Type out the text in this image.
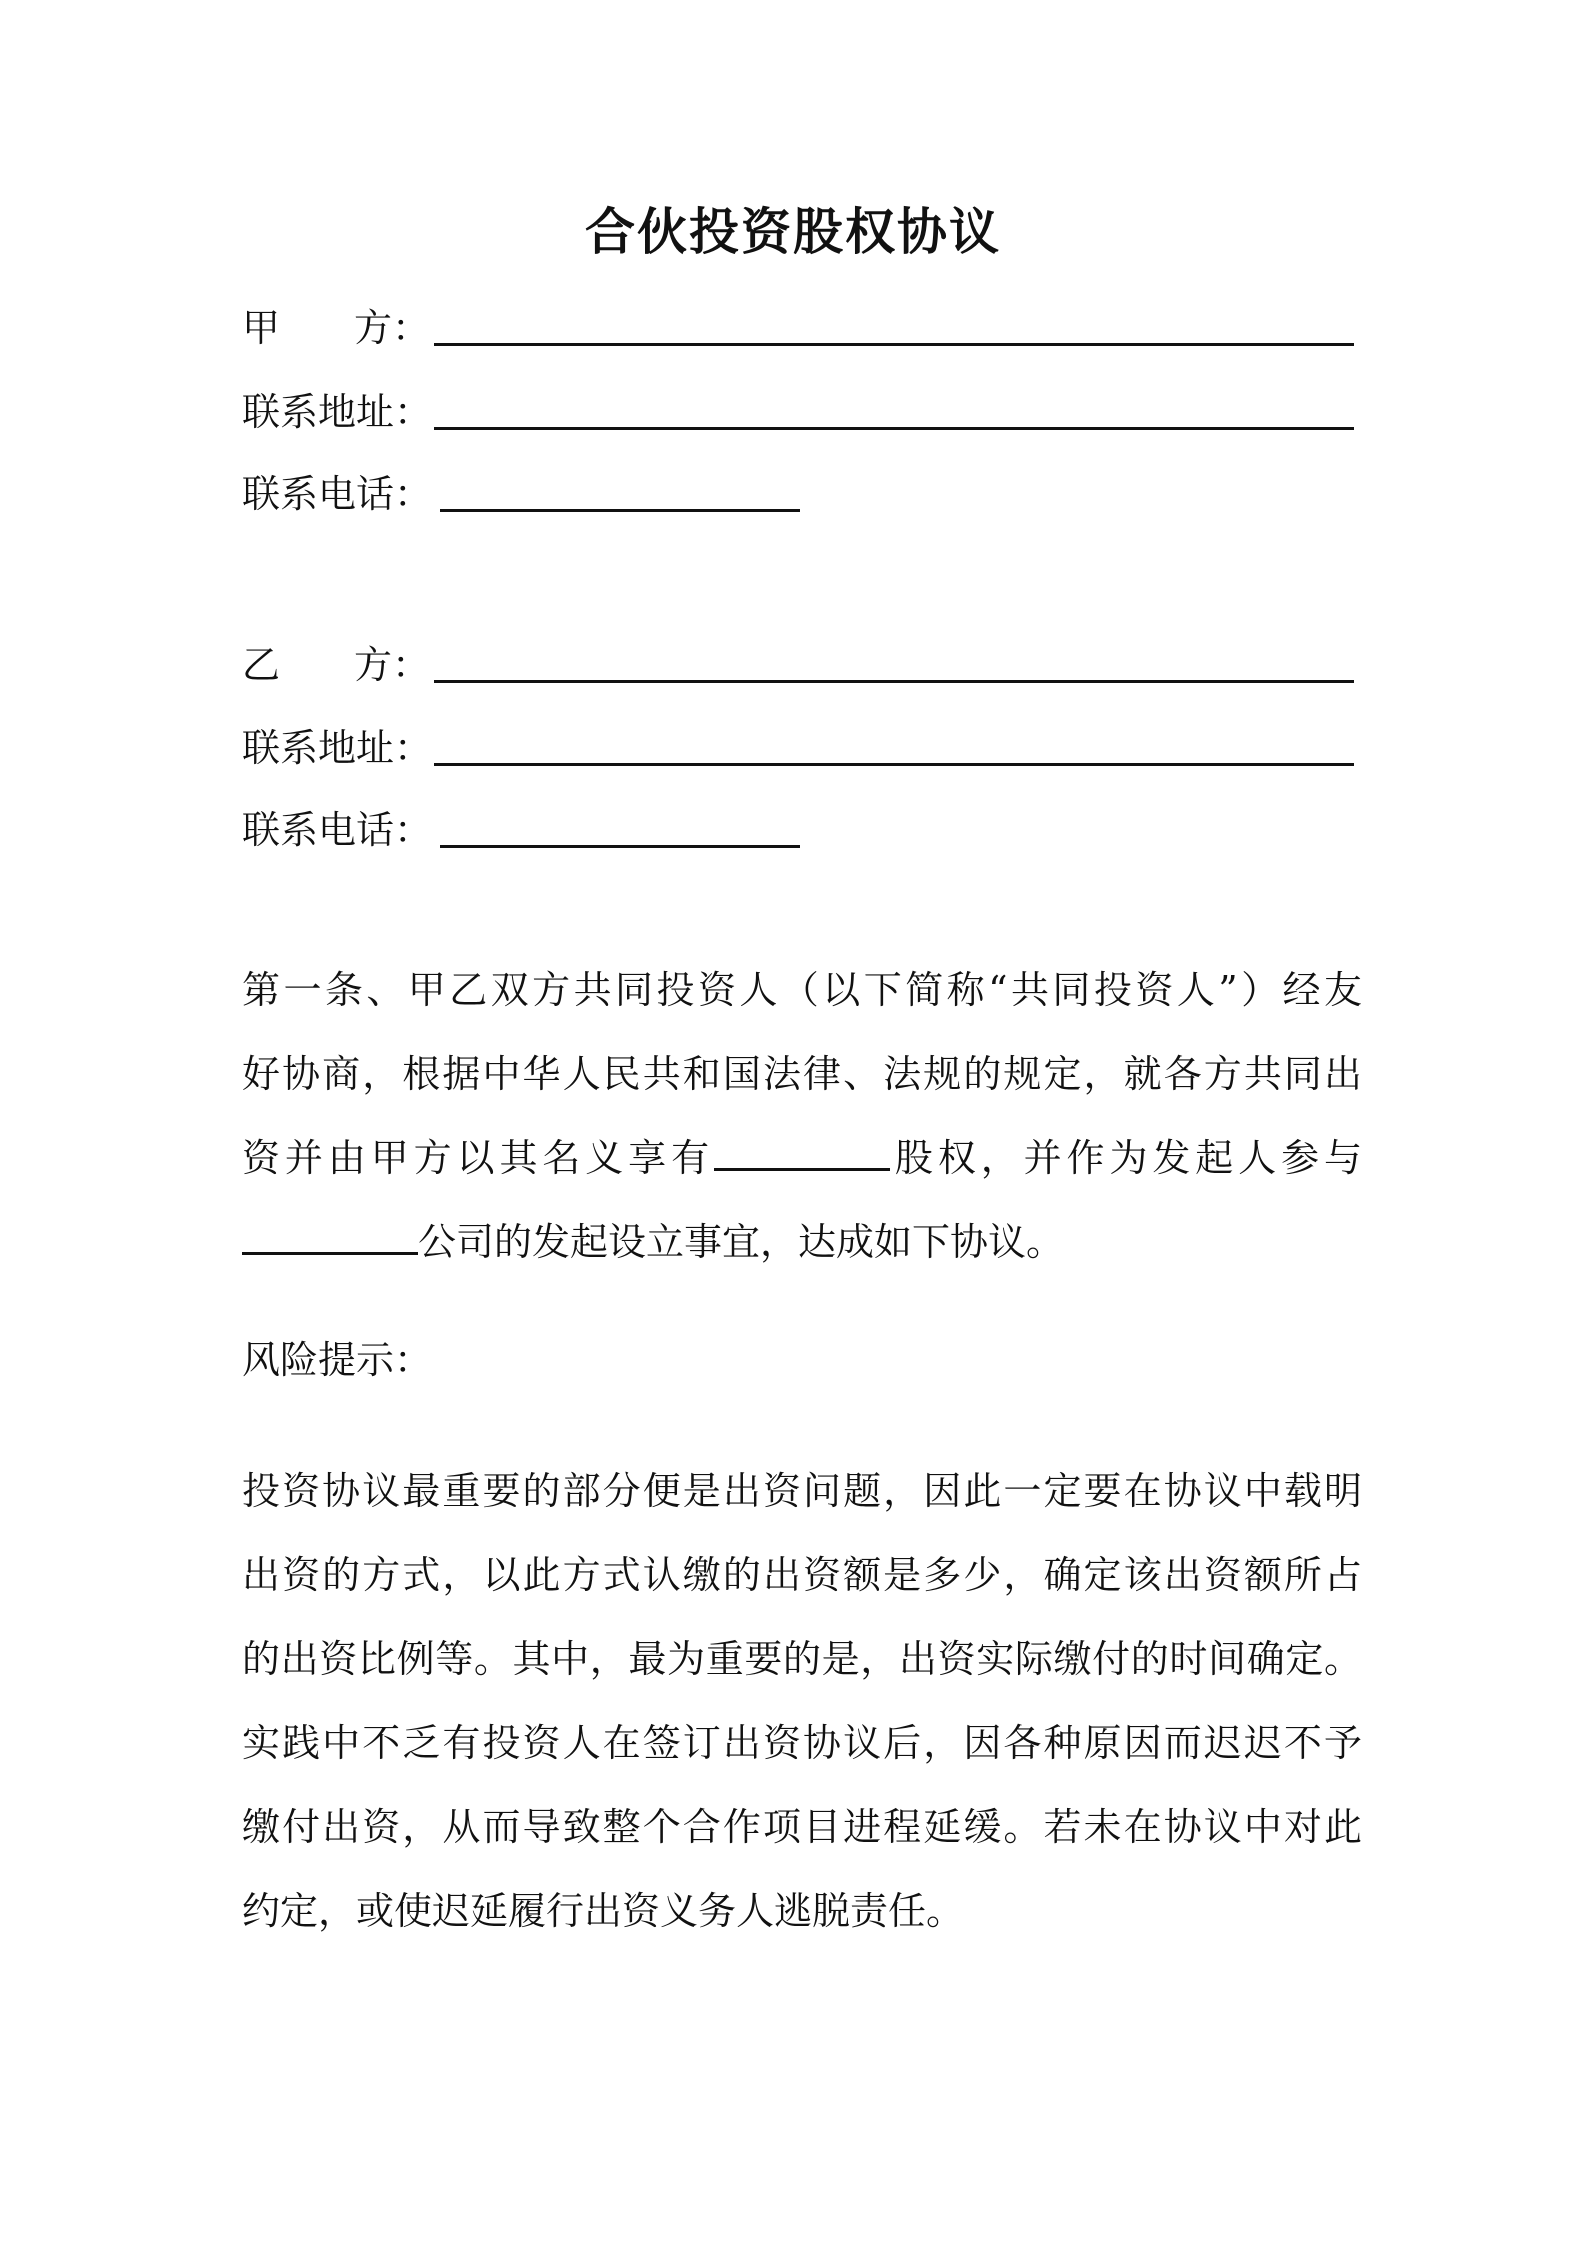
合伙投资股权协议
甲 方：
联系地址：
联系电话：
乙 方：
联系地址：
联系电话：
第一条、甲乙双方共同投资人（以下简称“共同投资人”）经友
好协商，根据中华人民共和国法律、法规的规定，就各方共同出
资并由甲方以其名义享有	股权，并作为发起人参与
公司的发起设立事宜，达成如下协议。
风险提示：
投资协议最重要的部分便是出资问题，因此一定要在协议中载明
出资的方式，以此方式认缴的出资额是多少，确定该出资额所占
的出资比例等。其中，最为重要的是，出资实际缴付的时间确定。
实践中不乏有投资人在签订出资协议后，因各种原因而迟迟不予
缴付出资，从而导致整个合作项目进程延缓。若未在协议中对此
约定，或使迟延履行出资义务人逃脱责任。
